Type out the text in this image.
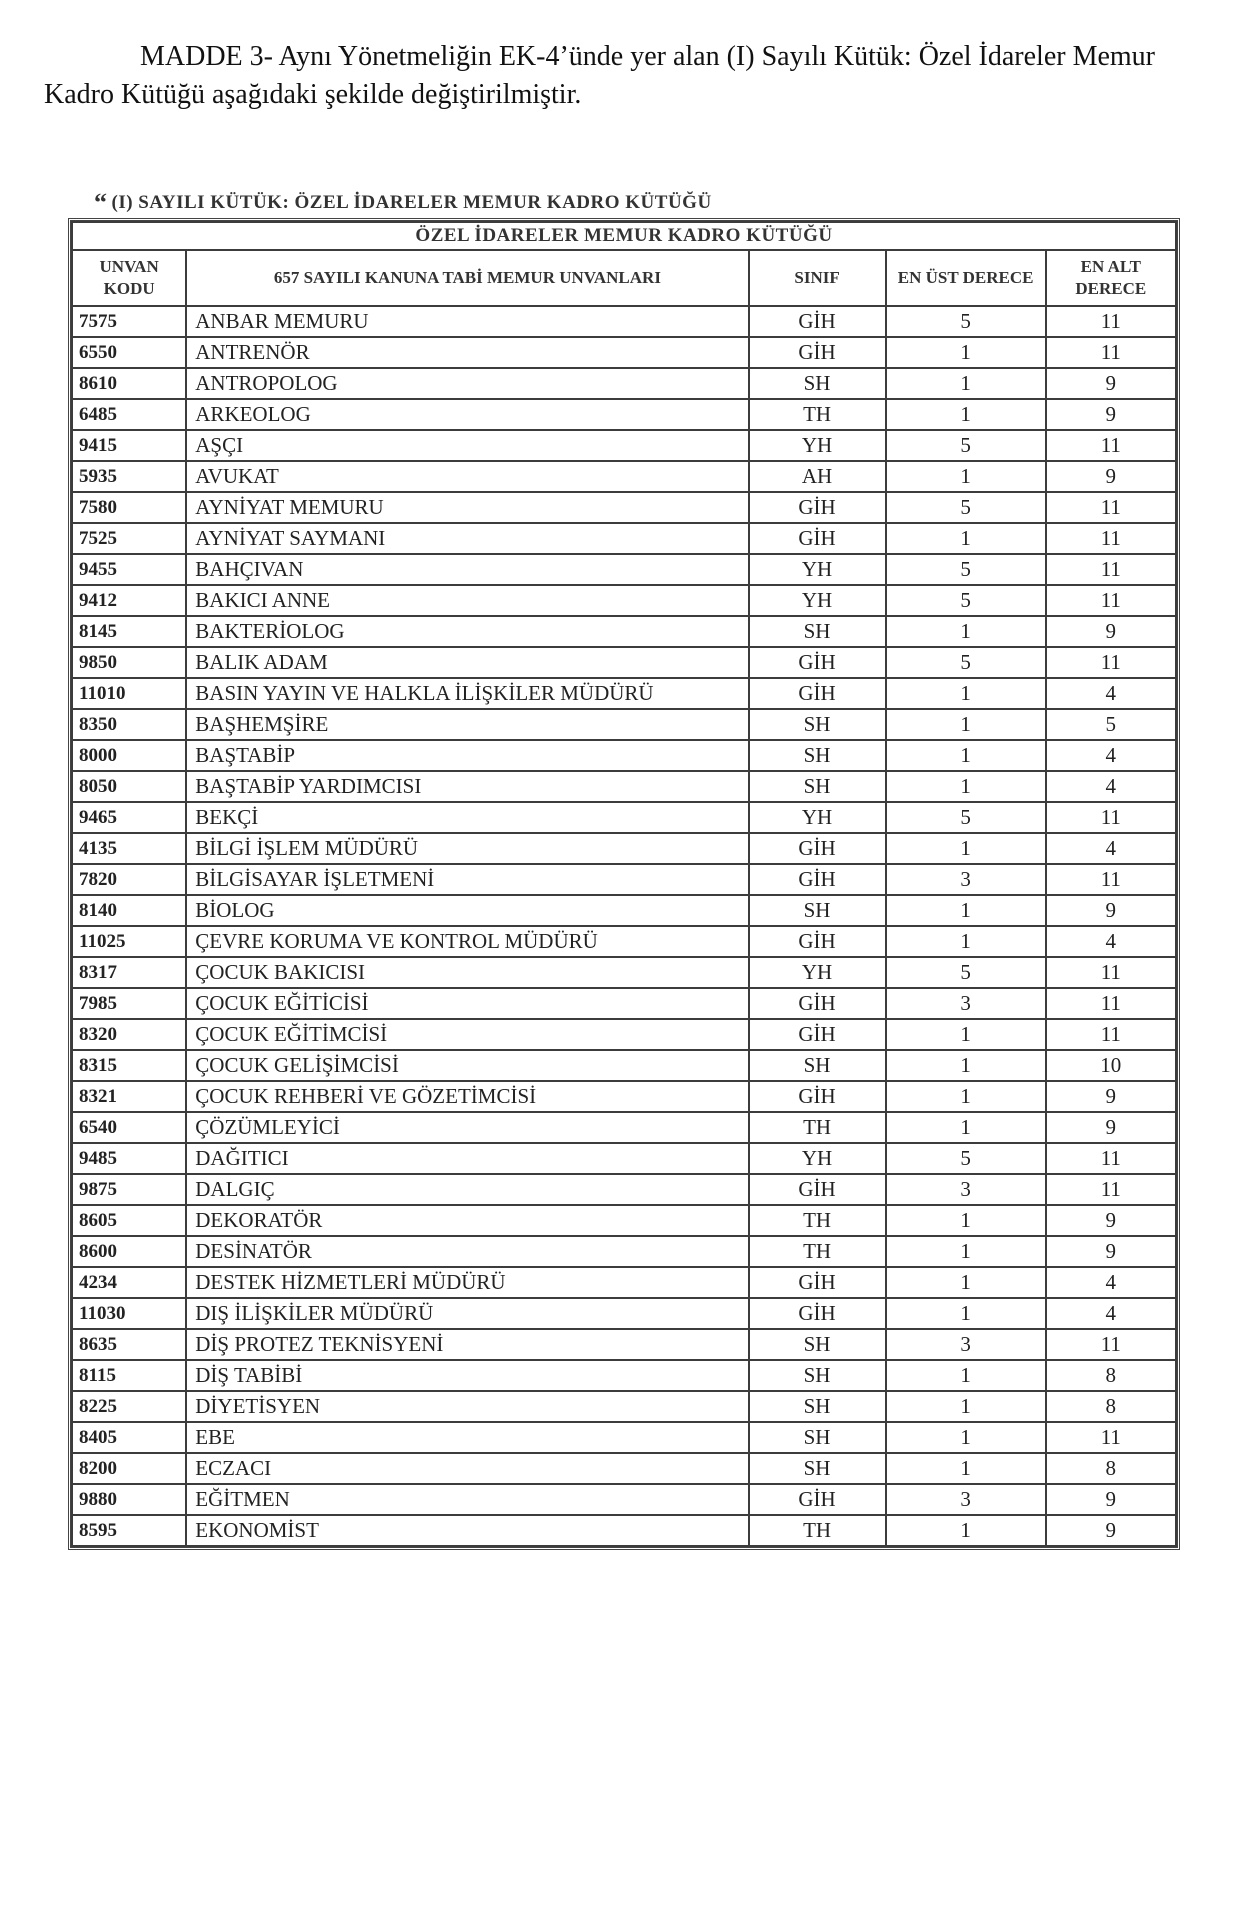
MADDE 3- Aynı Yönetmeliğin EK-4’ünde yer alan (I) Sayılı Kütük: Özel İdareler Memur Kadro Kütüğü aşağıdaki şekilde değiştirilmiştir.
“ (I) SAYILI KÜTÜK: ÖZEL İDARELER MEMUR KADRO KÜTÜĞÜ
ÖZEL İDARELER MEMUR KADRO KÜTÜĞÜ				
UNVAN KODU	657 SAYILI KANUNA TABİ MEMUR UNVANLARI	SINIF	EN ÜST DERECE	EN ALT DERECE
7575	ANBAR MEMURU	GİH	5	11
6550	ANTRENÖR	GİH	1	11
8610	ANTROPOLOG	SH	1	9
6485	ARKEOLOG	TH	1	9
9415	AŞÇI	YH	5	11
5935	AVUKAT	AH	1	9
7580	AYNİYAT MEMURU	GİH	5	11
7525	AYNİYAT SAYMANI	GİH	1	11
9455	BAHÇIVAN	YH	5	11
9412	BAKICI ANNE	YH	5	11
8145	BAKTERİOLOG	SH	1	9
9850	BALIK ADAM	GİH	5	11
11010	BASIN YAYIN VE HALKLA İLİŞKİLER MÜDÜRÜ	GİH	1	4
8350	BAŞHEMŞİRE	SH	1	5
8000	BAŞTABİP	SH	1	4
8050	BAŞTABİP YARDIMCISI	SH	1	4
9465	BEKÇİ	YH	5	11
4135	BİLGİ İŞLEM MÜDÜRÜ	GİH	1	4
7820	BİLGİSAYAR İŞLETMENİ	GİH	3	11
8140	BİOLOG	SH	1	9
11025	ÇEVRE KORUMA VE KONTROL MÜDÜRÜ	GİH	1	4
8317	ÇOCUK BAKICISI	YH	5	11
7985	ÇOCUK EĞİTİCİSİ	GİH	3	11
8320	ÇOCUK EĞİTİMCİSİ	GİH	1	11
8315	ÇOCUK GELİŞİMCİSİ	SH	1	10
8321	ÇOCUK REHBERİ VE GÖZETİMCİSİ	GİH	1	9
6540	ÇÖZÜMLEYİCİ	TH	1	9
9485	DAĞITICI	YH	5	11
9875	DALGIÇ	GİH	3	11
8605	DEKORATÖR	TH	1	9
8600	DESİNATÖR	TH	1	9
4234	DESTEK HİZMETLERİ MÜDÜRÜ	GİH	1	4
11030	DIŞ İLİŞKİLER MÜDÜRÜ	GİH	1	4
8635	DİŞ PROTEZ TEKNİSYENİ	SH	3	11
8115	DİŞ TABİBİ	SH	1	8
8225	DİYETİSYEN	SH	1	8
8405	EBE	SH	1	11
8200	ECZACI	SH	1	8
9880	EĞİTMEN	GİH	3	9
8595	EKONOMİST	TH	1	9
